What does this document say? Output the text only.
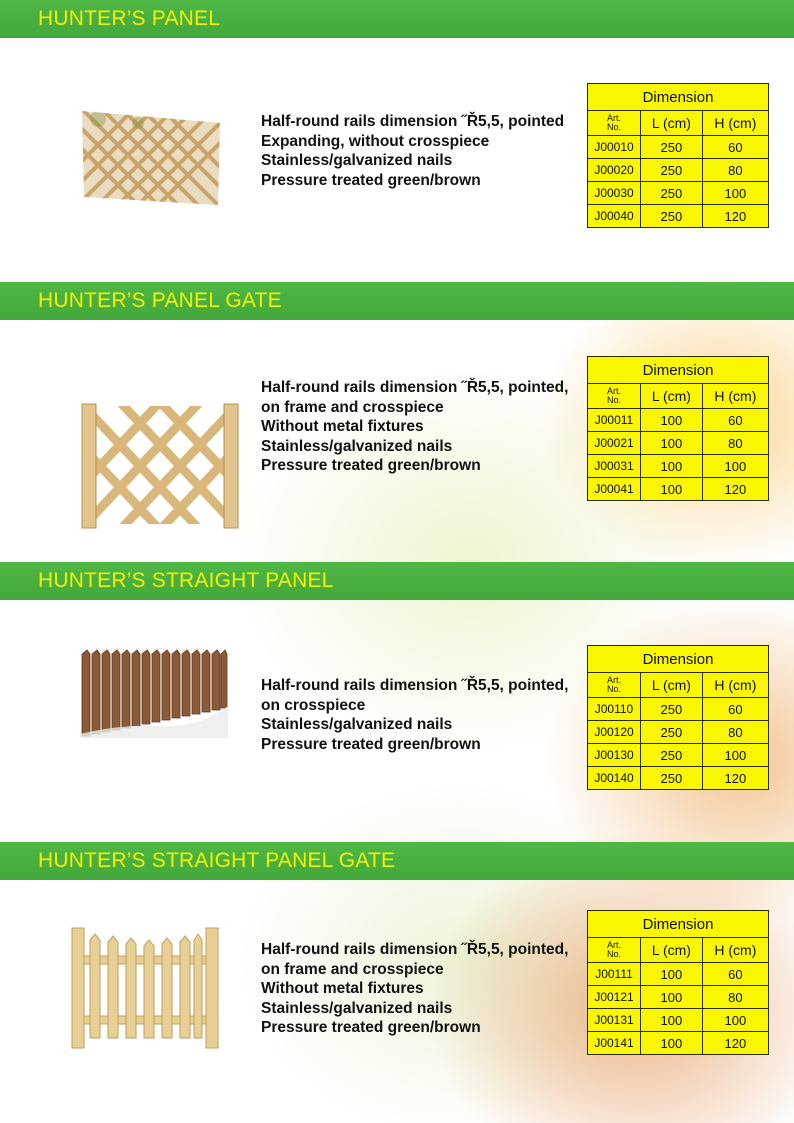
HUNTER’S PANEL
Half-round rails dimension ˝Ř5,5, pointed
Expanding, without crosspiece
Stainless/galvanized nails
Pressure treated green/brown
Dimension		
Art.
No.	L (cm)	H (cm)
J00010	250	60
J00020	250	80
J00030	250	100
J00040	250	120
HUNTER’S PANEL GATE
Half-round rails dimension ˝Ř5,5, pointed,
on frame and crosspiece
Without metal fixtures
Stainless/galvanized nails
Pressure treated green/brown
Dimension		
Art.
No.	L (cm)	H (cm)
J00011	100	60
J00021	100	80
J00031	100	100
J00041	100	120
HUNTER’S STRAIGHT PANEL
Half-round rails dimension ˝Ř5,5, pointed,
on crosspiece
Stainless/galvanized nails
Pressure treated green/brown
Dimension		
Art.
No.	L (cm)	H (cm)
J00110	250	60
J00120	250	80
J00130	250	100
J00140	250	120
HUNTER’S STRAIGHT PANEL GATE
Half-round rails dimension ˝Ř5,5, pointed,
on frame and crosspiece
Without metal fixtures
Stainless/galvanized nails
Pressure treated green/brown
Dimension		
Art.
No.	L (cm)	H (cm)
J00111	100	60
J00121	100	80
J00131	100	100
J00141	100	120
